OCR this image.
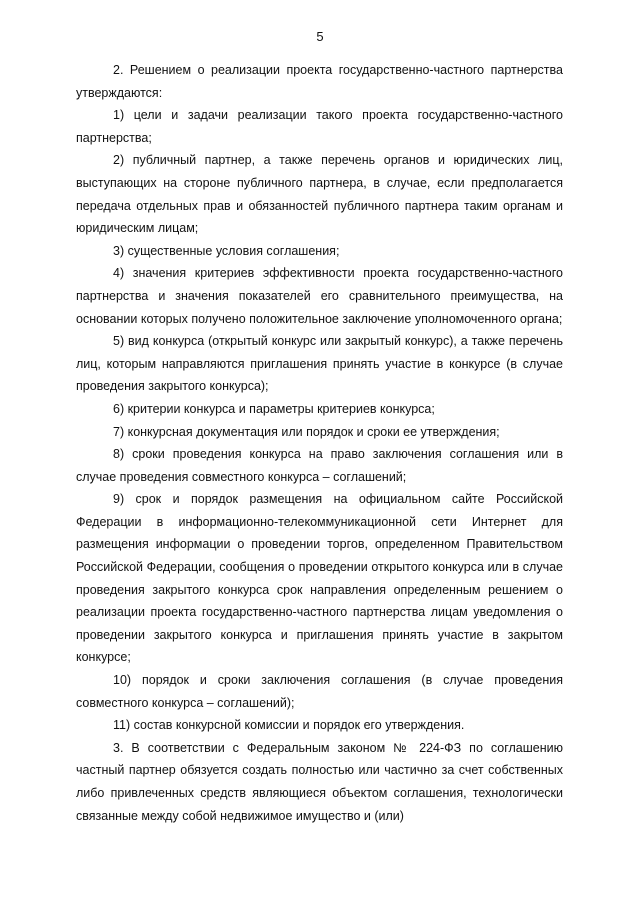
5

2. Решением о реализации проекта государственно-частного партнерства утверждаются:

1) цели и задачи реализации такого проекта государственно-частного партнерства;

2) публичный партнер, а также перечень органов и юридических лиц, выступающих на стороне публичного партнера, в случае, если предполагается передача отдельных прав и обязанностей публичного партнера таким органам и юридическим лицам;

3) существенные условия соглашения;

4) значения критериев эффективности проекта государственно-частного партнерства и значения показателей его сравнительного преимущества, на основании которых получено положительное заключение уполномоченного органа;

5) вид конкурса (открытый конкурс или закрытый конкурс), а также перечень лиц, которым направляются приглашения принять участие в конкурсе (в случае проведения закрытого конкурса);

6) критерии конкурса и параметры критериев конкурса;

7) конкурсная документация или порядок и сроки ее утверждения;

8) сроки проведения конкурса на право заключения соглашения или в случае проведения совместного конкурса – соглашений;

9) срок и порядок размещения на официальном сайте Российской Федерации в информационно-телекоммуникационной сети Интернет для размещения информации о проведении торгов, определенном Правительством Российской Федерации, сообщения о проведении открытого конкурса или в случае проведения закрытого конкурса срок направления определенным решением о реализации проекта государственно-частного партнерства лицам уведомления о проведении закрытого конкурса и приглашения принять участие в закрытом конкурсе;

10) порядок и сроки заключения соглашения (в случае проведения совместного конкурса – соглашений);

11) состав конкурсной комиссии и порядок его утверждения.

3. В соответствии с Федеральным законом № 224-ФЗ по соглашению частный партнер обязуется создать полностью или частично за счет собственных либо привлеченных средств являющиеся объектом соглашения, технологически связанные между собой недвижимое имущество и (или)
